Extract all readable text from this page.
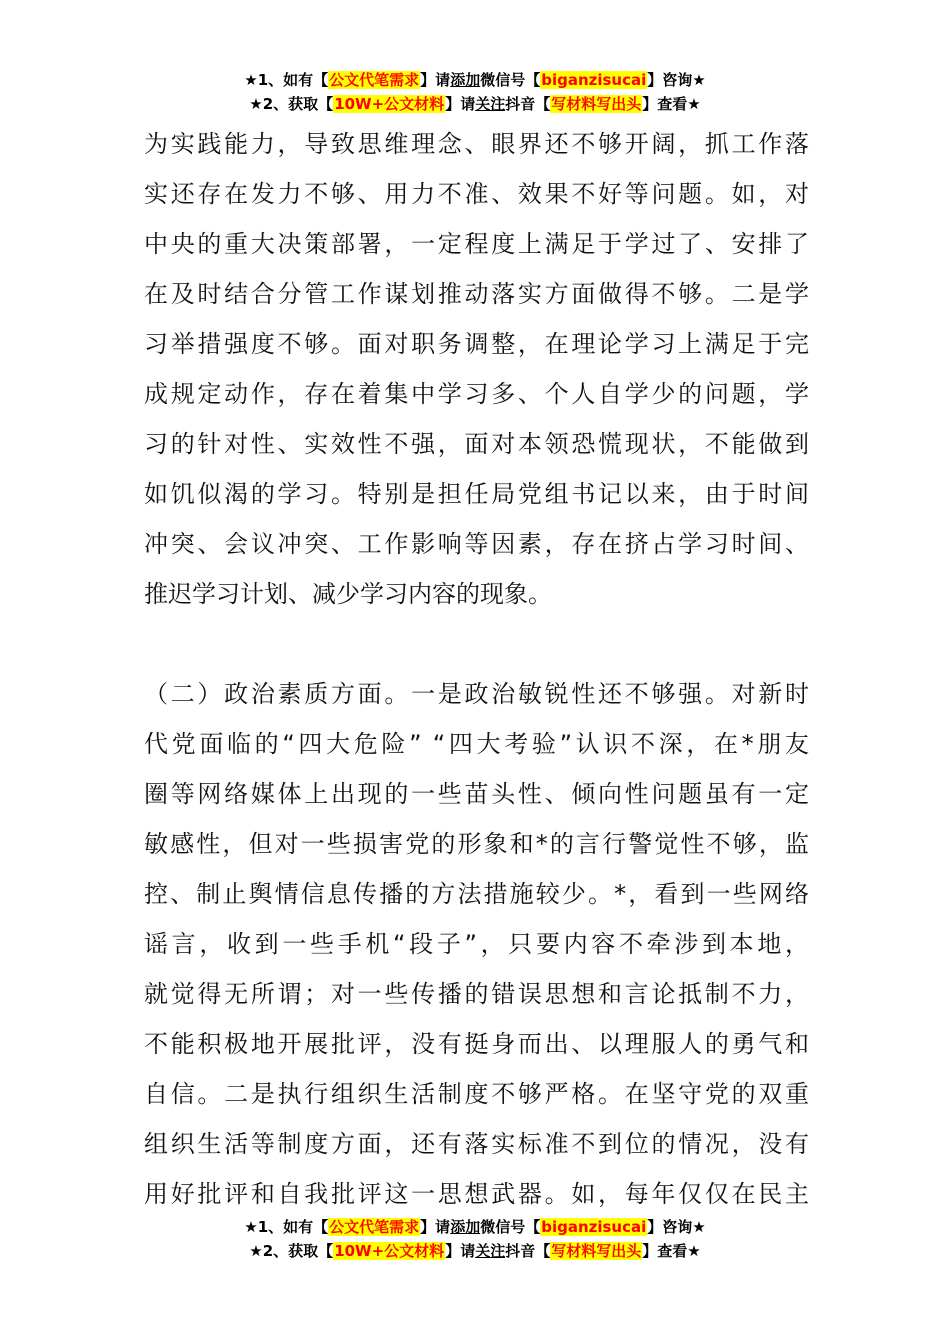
★1、如有【公文代笔需求】请添加微信号【biganzisucai】咨询★
★2、获取【10W+公文材料】请关注抖音【写材料写出头】查看★
为实践能力，导致思维理念、眼界还不够开阔，抓工作落
实还存在发力不够、用力不准、效果不好等问题。如，对
中央的重大决策部署，一定程度上满足于学过了、安排了
在及时结合分管工作谋划推动落实方面做得不够。二是学
习举措强度不够。面对职务调整，在理论学习上满足于完
成规定动作，存在着集中学习多、个人自学少的问题，学
习的针对性、实效性不强，面对本领恐慌现状，不能做到
如饥似渴的学习。特别是担任局党组书记以来，由于时间
冲突、会议冲突、工作影响等因素，存在挤占学习时间、
推迟学习计划、减少学习内容的现象。
（二）政治素质方面。一是政治敏锐性还不够强。对新时
代党面临的“四大危险” “四大考验”认识不深，在*朋友
圈等网络媒体上出现的一些苗头性、倾向性问题虽有一定
敏感性，但对一些损害党的形象和*的言行警觉性不够，监
控、制止舆情信息传播的方法措施较少。*，看到一些网络
谣言，收到一些手机“段子”，只要内容不牵涉到本地，
就觉得无所谓；对一些传播的错误思想和言论抵制不力，
不能积极地开展批评，没有挺身而出、以理服人的勇气和
自信。二是执行组织生活制度不够严格。在坚守党的双重
组织生活等制度方面，还有落实标准不到位的情况，没有
用好批评和自我批评这一思想武器。如，每年仅仅在民主
★1、如有【公文代笔需求】请添加微信号【biganzisucai】咨询★
★2、获取【10W+公文材料】请关注抖音【写材料写出头】查看★
